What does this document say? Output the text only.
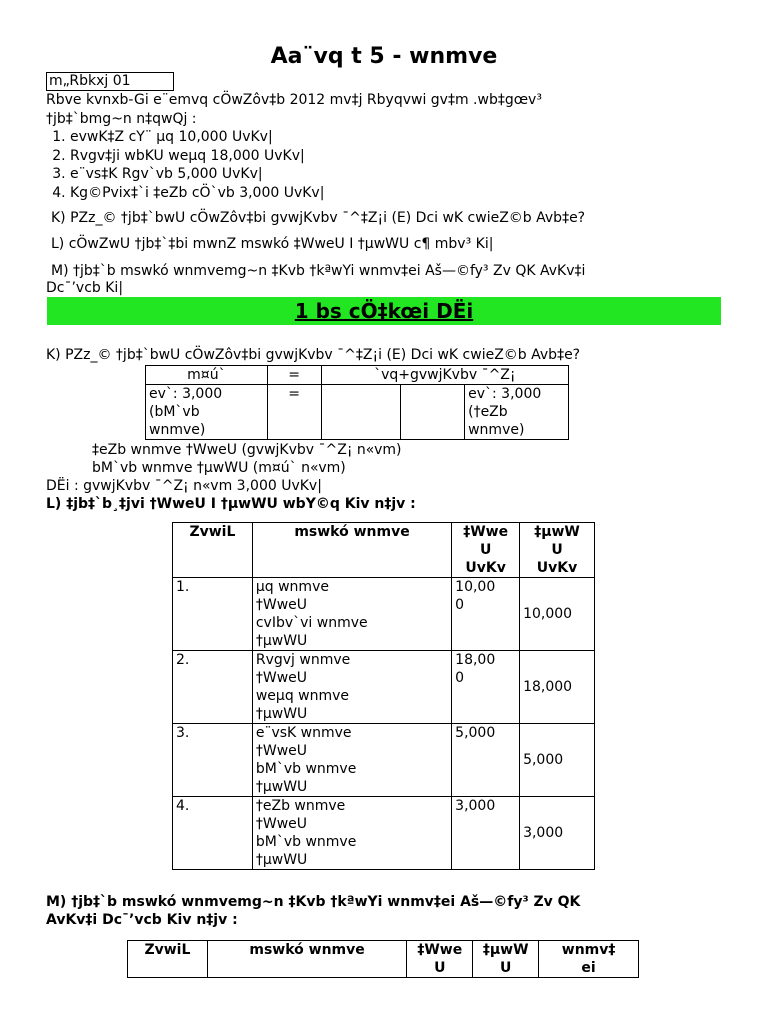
Aa¨vq t 5 - wnmve
m„Rbkxj 01
Rbve kvnxb-Gi e¨emvq cÖwZôv‡b 2012 mv‡j Rbyqvwi gv‡m .wb‡gœv³
†jb‡`bmg~n n‡qwQj :
1. evwK‡Z cY¨ µq 10,000 UvKv|
2. Rvgv‡ji wbKU weµq 18,000 UvKv|
3. e¨vs‡K Rgv`vb 5,000 UvKv|
4. Kg©Pvix‡`i ‡eZb cÖ`vb 3,000 UvKv|
K) PZz_© †jb‡`bwU cÖwZôv‡bi gvwjKvbv ¯^‡Z¡i (E) Dci wK cwieZ©b Avb‡e?
L) cÖwZwU †jb‡`‡bi mwnZ mswkó ‡WweU I †µwWU c¶ mbv³ Ki|
M) †jb‡`b mswkó wnmvemg~n ‡Kvb †kªwYi wnmv‡ei Aš—©fy³ Zv QK AvKv‡i
Dc¯’vcb Ki|
1 bs cÖ‡kœi DËi
K) PZz_© †jb‡`bwU cÖwZôv‡bi gvwjKvbv ¯^‡Z¡i (E) Dci wK cwieZ©b Avb‡e?
m¤ú`	=	`vq+gvwjKvbv ¯^Z¡		
ev`: 3,000
(bM`vb
wnmve)	=			ev`: 3,000
(†eZb
wnmve)
‡eZb wnmve †WweU (gvwjKvbv ¯^Z¡ n«vm)
bM`vb wnmve †µwWU (m¤ú` n«vm)
DËi : gvwjKvbv ¯^Z¡ n«vm 3,000 UvKv|
L) ‡jb‡`b¸‡jvi †WweU I †µwWU wbY©q Kiv n‡jv :
ZvwiL	mswkó wnmve	‡Wwe
U
UvKv	‡µwW
U
UvKv
1.	µq wnmve
†WweU
cvIbv`vi wnmve
†µwWU	10,00
0	10,000
2.	Rvgvj wnmve
†WweU
weµq wnmve
†µwWU	18,00
0	18,000
3.	e¨vsK wnmve
†WweU
bM`vb wnmve
†µwWU	5,000	5,000
4.	†eZb wnmve
†WweU
bM`vb wnmve
†µwWU	3,000	3,000
M) †jb‡`b mswkó wnmvemg~n ‡Kvb †kªwYi wnmv‡ei Aš—©fy³ Zv QK
AvKv‡i Dc¯’vcb Kiv n‡jv :
ZvwiL	mswkó wnmve	‡Wwe
U	‡µwW
U	wnmv‡
ei
